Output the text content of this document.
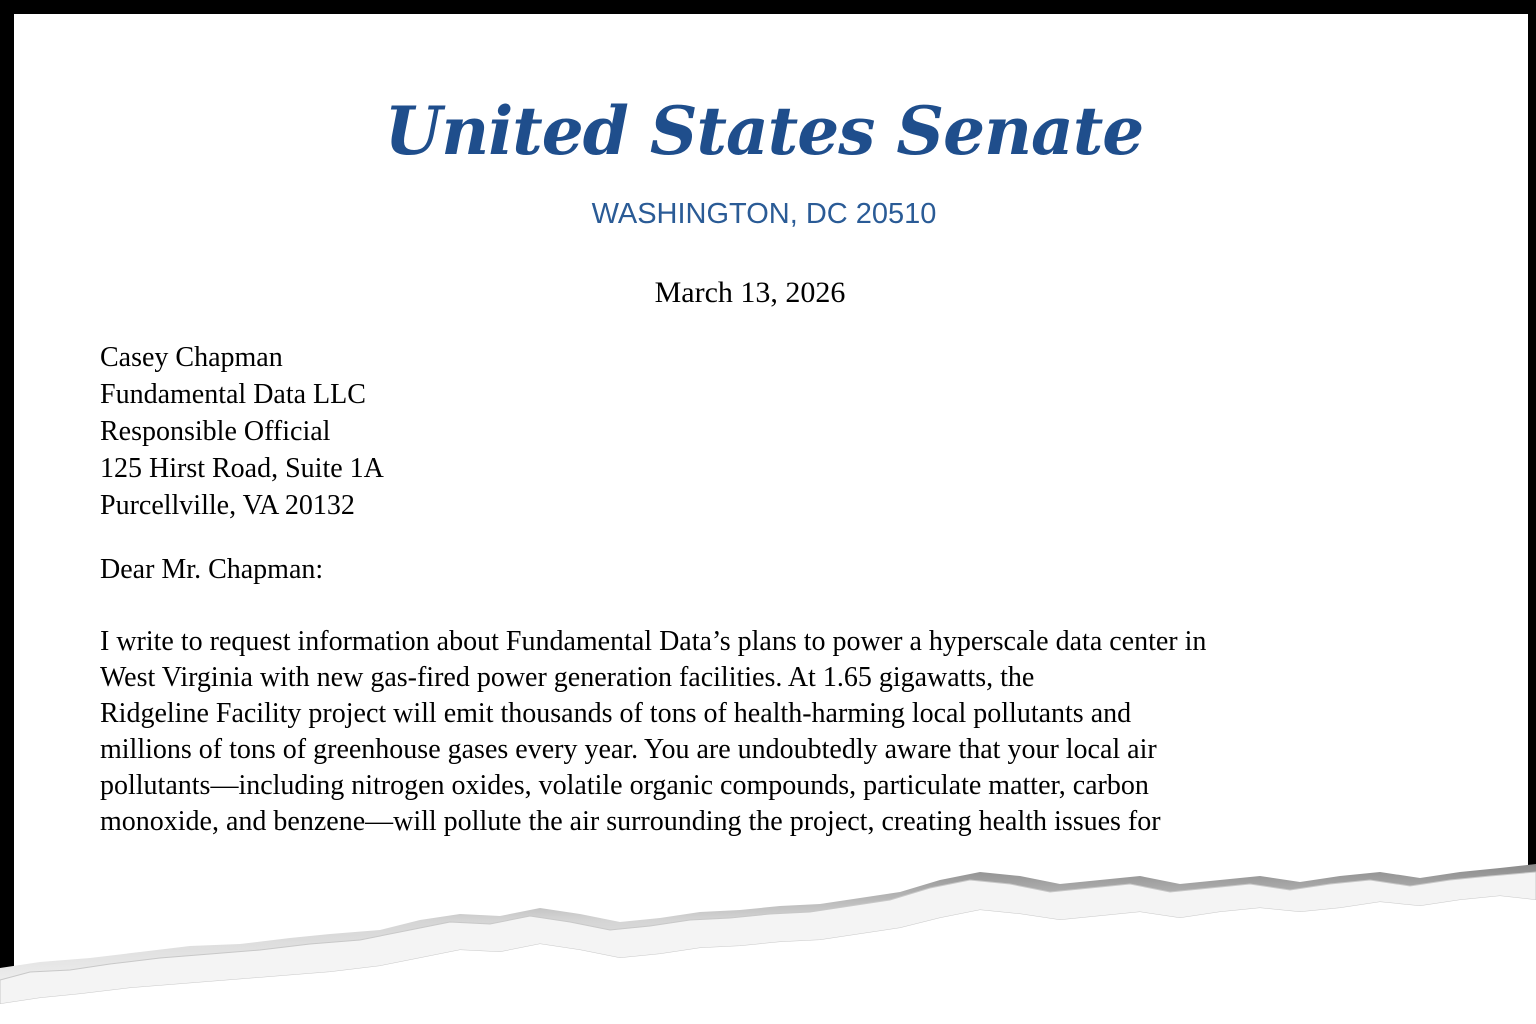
United States Senate
WASHINGTON, DC 20510
March 13, 2026
Casey Chapman
Fundamental Data LLC
Responsible Official
125 Hirst Road, Suite 1A
Purcellville, VA 20132
Dear Mr. Chapman:
I write to request information about Fundamental Data’s plans to power a hyperscale data center in
West Virginia with new gas-fired power generation facilities. At 1.65 gigawatts, the
Ridgeline Facility project will emit thousands of tons of health-harming local pollutants and
millions of tons of greenhouse gases every year. You are undoubtedly aware that your local air
pollutants—including nitrogen oxides, volatile organic compounds, particulate matter, carbon
monoxide, and benzene—will pollute the air surrounding the project, creating health issues for
